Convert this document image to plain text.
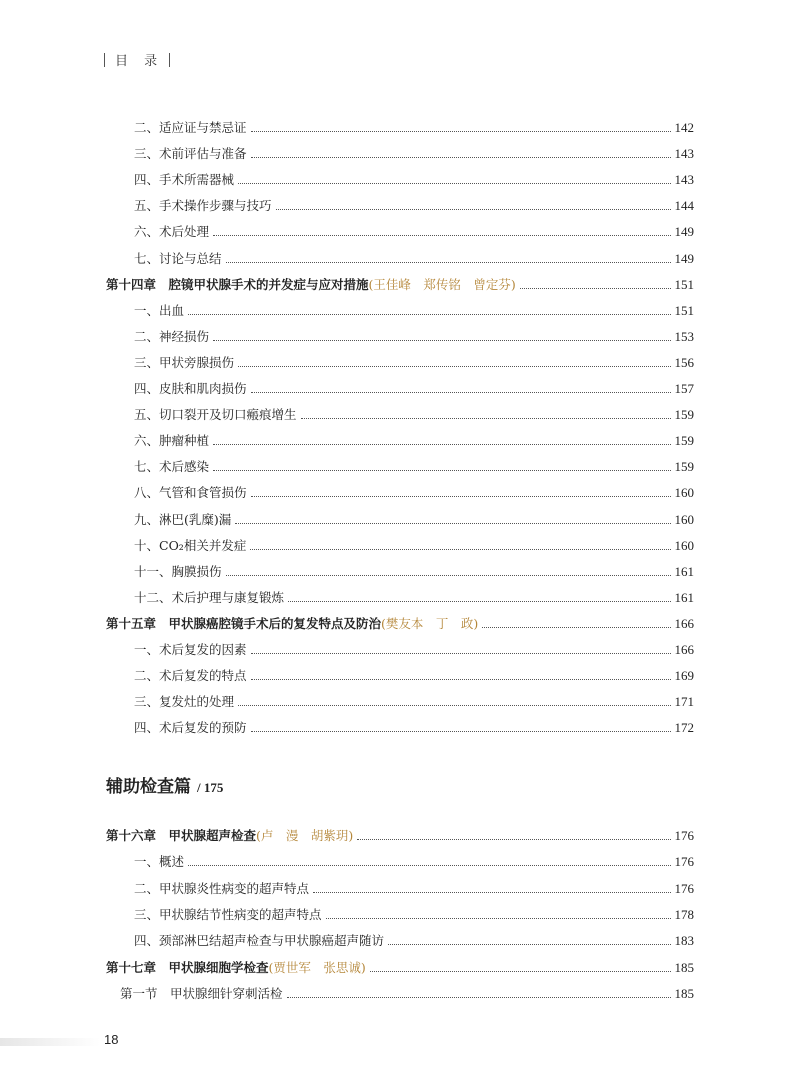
目 录
二、适应证与禁忌证	142
三、术前评估与准备	143
四、手术所需器械	143
五、手术操作步骤与技巧	144
六、术后处理	149
七、讨论与总结	149
第十四章　腔镜甲状腺手术的并发症与应对措施 (王佳峰　郑传铭　曾定芬)	151
一、出血	151
二、神经损伤	153
三、甲状旁腺损伤	156
四、皮肤和肌肉损伤	157
五、切口裂开及切口瘢痕增生	159
六、肿瘤种植	159
七、术后感染	159
八、气管和食管损伤	160
九、淋巴(乳糜)漏	160
十、CO₂相关并发症	160
十一、胸膜损伤	161
十二、术后护理与康复锻炼	161
第十五章　甲状腺癌腔镜手术后的复发特点及防治 (樊友本　丁　政)	166
一、术后复发的因素	166
二、术后复发的特点	169
三、复发灶的处理	171
四、术后复发的预防	172
辅助检查篇 / 175
第十六章　甲状腺超声检查 (卢　漫　胡紫玥)	176
一、概述	176
二、甲状腺炎性病变的超声特点	176
三、甲状腺结节性病变的超声特点	178
四、颈部淋巴结超声检查与甲状腺癌超声随访	183
第十七章　甲状腺细胞学检查 (贾世军　张思诚)	185
第一节　甲状腺细针穿刺活检	185
18
